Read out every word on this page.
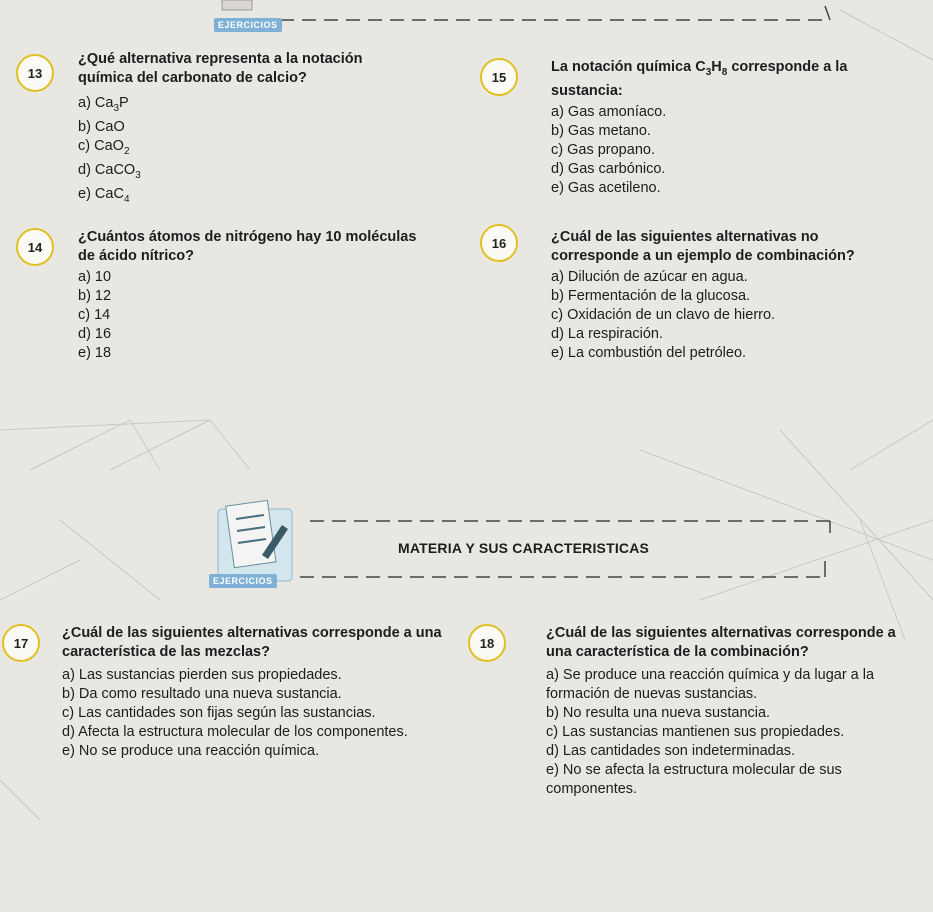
EJERCICIOS
EJERCICIOS
MATERIA Y SUS CARACTERISTICAS
13
¿Qué alternativa representa a la notación química del carbonato de calcio?
a) $Ca_3P$
b) CaO
c) CaO$_2$
d) CaCO$_3$
e) CaC$_4$
14
¿Cuántos átomos de nitrógeno hay 10 moléculas de ácido nítrico?
a) 10
b) 12
c) 14
d) 16
e) 18
15
La notación química $C_3H_8$ corresponde a la sustancia:
a) Gas amoníaco.
b) Gas metano.
c) Gas propano.
d) Gas carbónico.
e) Gas acetileno.
16	¿Cuál de las siguientes alternativas no corresponde a un ejemplo de combinación?
a) Dilución de azúcar en agua.
b) Fermentación de la glucosa.
c) Oxidación de un clavo de hierro.
d) La respiración.
e) La combustión del petróleo.
17
¿Cuál de las siguientes alternativas corresponde a una característica de las mezclas?
a) Las sustancias pierden sus propiedades.
b) Da como resultado una nueva sustancia.
c) Las cantidades son fijas según las sustancias.
d) Afecta la estructura molecular de los componentes.
e) No se produce una reacción química.
18
¿Cuál de las siguientes alternativas corresponde a una característica de la combinación?
a) Se produce una reacción química y da lugar a la formación de nuevas sustancias.
b) No resulta una nueva sustancia.
c) Las sustancias mantienen sus propiedades.
d) Las cantidades son indeterminadas.
e) No se afecta la estructura molecular de sus componentes.
